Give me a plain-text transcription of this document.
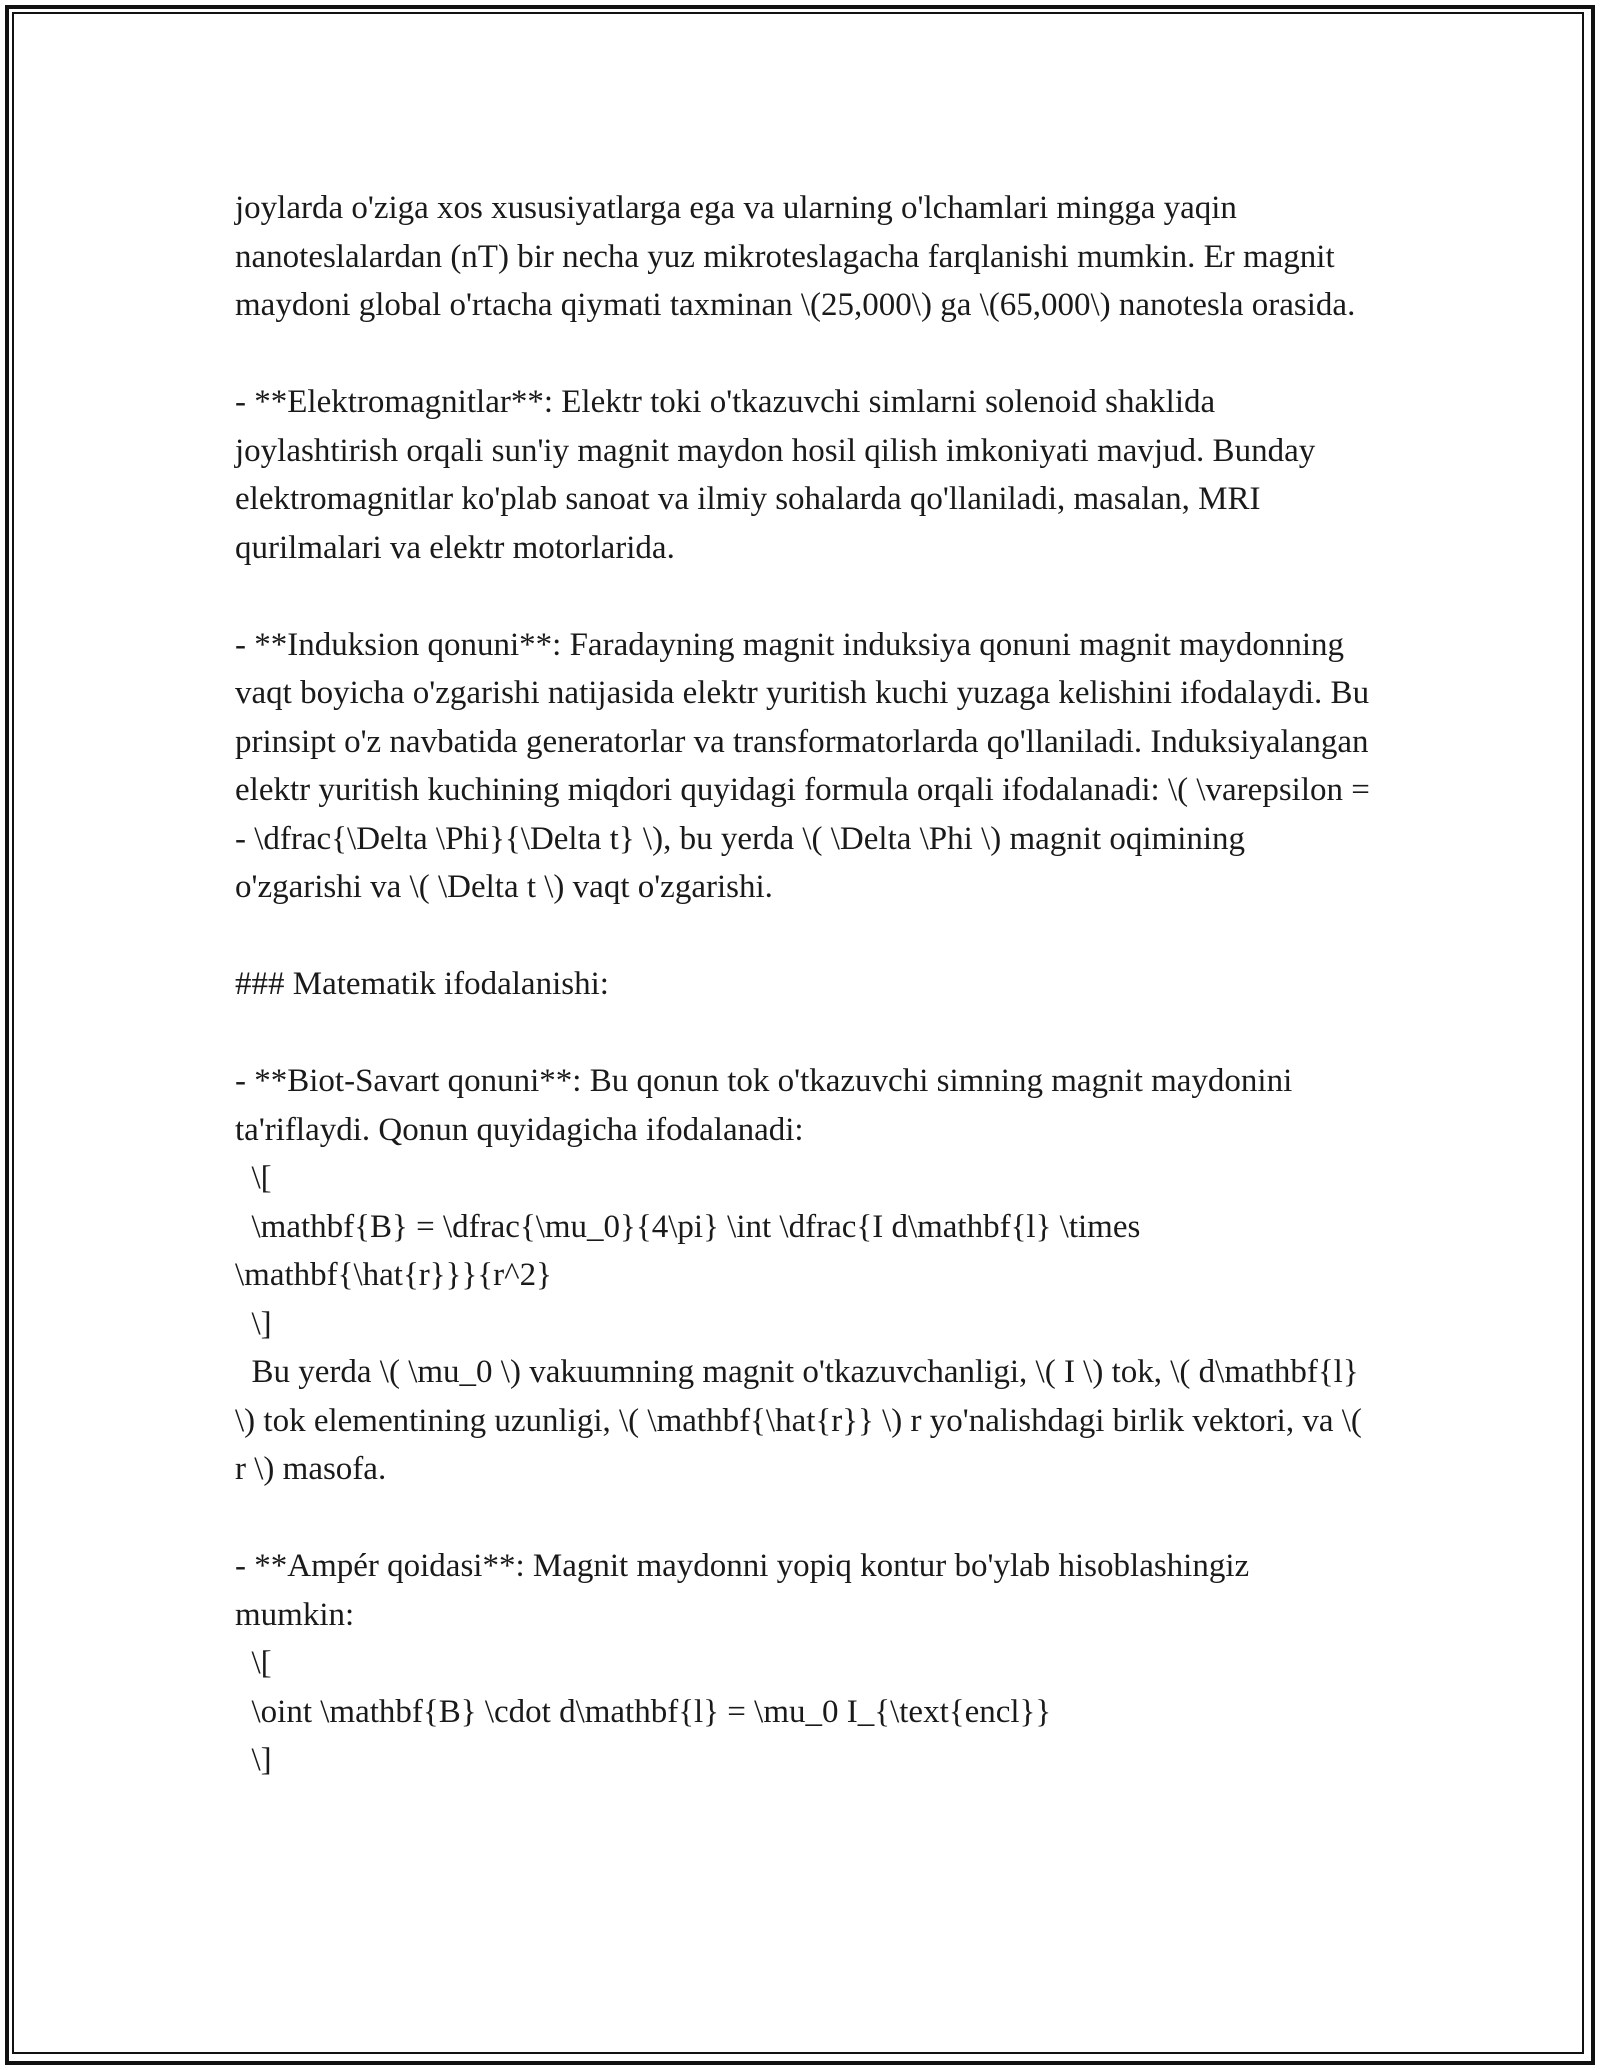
joylarda o'ziga xos xususiyatlarga ega va ularning o'lchamlari mingga yaqin nanoteslalardan (nT) bir necha yuz mikroteslagacha farqlanishi mumkin. Er magnit maydoni global o'rtacha qiymati taxminan \(25,000\) ga \(65,000\) nanotesla orasida.

- **Elektromagnitlar**: Elektr toki o'tkazuvchi simlarni solenoid shaklida joylashtirish orqali sun'iy magnit maydon hosil qilish imkoniyati mavjud. Bunday elektromagnitlar ko'plab sanoat va ilmiy sohalarda qo'llaniladi, masalan, MRI qurilmalari va elektr motorlarida.

- **Induksion qonuni**: Faradayning magnit induksiya qonuni magnit maydonning vaqt boyicha o'zgarishi natijasida elektr yuritish kuchi yuzaga kelishini ifodalaydi. Bu prinsipt o'z navbatida generatorlar va transformatorlarda qo'llaniladi. Induksiyalangan elektr yuritish kuchining miqdori quyidagi formula orqali ifodalanadi: \( \varepsilon = - \dfrac{\Delta \Phi}{\Delta t} \), bu yerda \( \Delta \Phi \) magnit oqimining o'zgarishi va \( \Delta t \) vaqt o'zgarishi.

### Matematik ifodalanishi:

- **Biot-Savart qonuni**: Bu qonun tok o'tkazuvchi simning magnit maydonini ta'riflaydi. Qonun quyidagicha ifodalanadi:
\[
\mathbf{B} = \dfrac{\mu_0}{4\pi} \int \dfrac{I d\mathbf{l} \times \mathbf{\hat{r}}}{r^2}
\]
Bu yerda \( \mu_0 \) vakuumning magnit o'tkazuvchanligi, \( I \) tok, \( d\mathbf{l} \) tok elementining uzunligi, \( \mathbf{\hat{r}} \) r yo'nalishdagi birlik vektori, va \( r \) masofa.

- **Ampér qoidasi**: Magnit maydonni yopiq kontur bo'ylab hisoblashingiz mumkin:
\[
\oint \mathbf{B} \cdot d\mathbf{l} = \mu_0 I_{\text{encl}}
\]
